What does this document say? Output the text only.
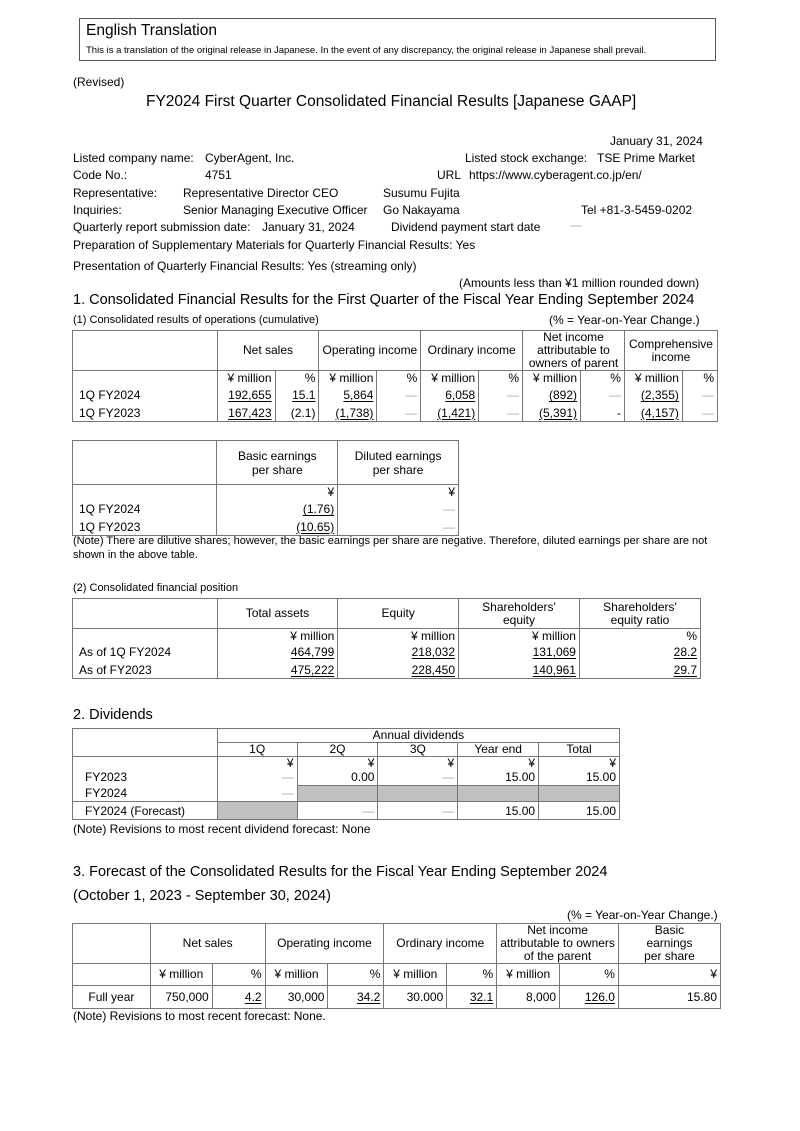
English Translation
This is a translation of the original release in Japanese. In the event of any discrepancy, the original release in Japanese shall prevail.
(Revised)
FY2024 First Quarter Consolidated Financial Results [Japanese GAAP]
January 31, 2024
Listed company name: CyberAgent, Inc.	Listed stock exchange: TSE Prime Market
Code No.:	4751	URL https://www.cyberagent.co.jp/en/
Representative: Representative Director CEO	Susumu Fujita
Inquiries:	Senior Managing Executive Officer Go Nakayama	Tel +81-3-5459-0202
Quarterly report submission date: January 31, 2024	Dividend payment start date —
Preparation of Supplementary Materials for Quarterly Financial Results: Yes
Presentation of Quarterly Financial Results: Yes (streaming only)
(Amounts less than ¥1 million rounded down)
1. Consolidated Financial Results for the First Quarter of the Fiscal Year Ending September 2024
(1) Consolidated results of operations (cumulative)	(% = Year-on-Year Change.)
	Net sales		Operating income		Ordinary income		Net income attributable to owners of parent		Comprehensive income	
	¥ million	%	¥ million	%	¥ million	%	¥ million	%	¥ million	%
1Q FY2024	192,655	15.1	5,864	—	6,058	—	(892)	—	(2,355)	—
1Q FY2023	167,423	(2.1)	(1,738)	—	(1,421)	—	(5,391)	-	(4,157)	—
	Basic earnings per share	Diluted earnings per share
	¥	¥
1Q FY2024	(1.76)	—
1Q FY2023	(10.65)	—
(Note) There are dilutive shares; however, the basic earnings per share are negative. Therefore, diluted earnings per share are not shown in the above table.
(2) Consolidated financial position
	Total assets	Equity	Shareholders' equity	Shareholders' equity ratio
	¥ million	¥ million	¥ million	%
As of 1Q FY2024	464,799	218,032	131,069	28.2
As of FY2023	475,222	228,450	140,961	29.7
2. Dividends
	Annual dividends				
	1Q	2Q	3Q	Year end	Total
	¥	¥	¥	¥	¥
FY2023	—	0.00	—	15.00	15.00
FY2024	—				
FY2024 (Forecast)		—	—	15.00	15.00
(Note) Revisions to most recent dividend forecast: None
3. Forecast of the Consolidated Results for the Fiscal Year Ending September 2024
(October 1, 2023 - September 30, 2024)
(% = Year-on-Year Change.)
	Net sales		Operating income		Ordinary income		Net income attributable to owners of the parent		Basic earnings per share
	¥ million	%	¥ million	%	¥ million	%	¥ million	%	¥
Full year	750,000	4.2	30,000	34.2	30.000	32.1	8,000	126.0	15.80
(Note) Revisions to most recent forecast: None.
